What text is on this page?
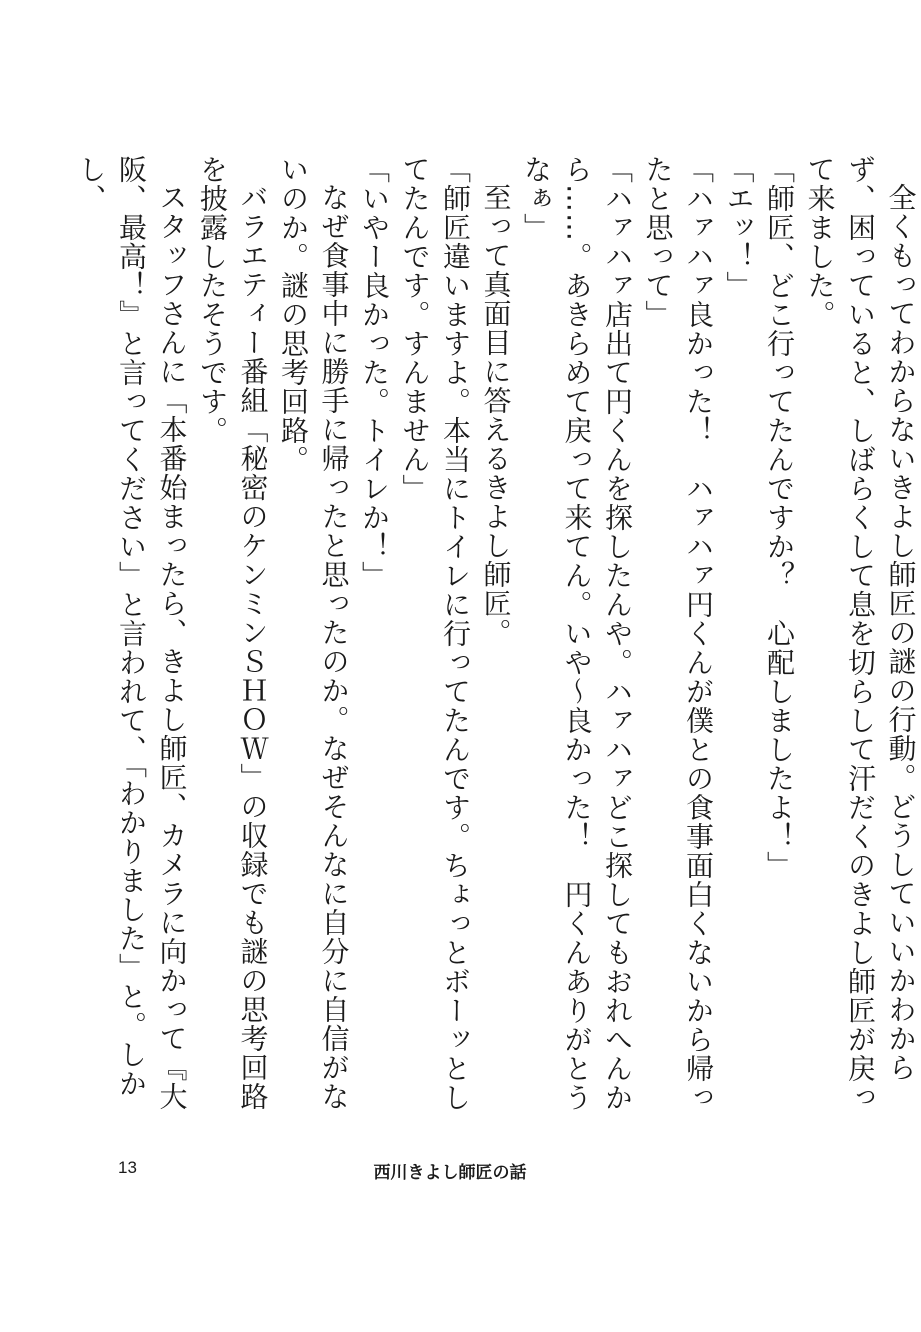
全くもってわからないきよし師匠の謎の行動。どうしていいかわからず、困っていると、しばらくして息を切らして汗だくのきよし師匠が戻って来ました。

「師匠、どこ行ってたんですか？　心配しましたよ！」

「エッ！」

「ハァハァ良かった！　ハァハァ円くんが僕との食事面白くないから帰ったと思って」

「ハァハァ店出て円くんを探したんや。ハァハァどこ探してもおれへんから……。あきらめて戻って来てん。いや～良かった！　円くんありがとうなぁ」

至って真面目に答えるきよし師匠。

「師匠違いますよ。本当にトイレに行ってたんです。ちょっとボーッとしてたんです。すんません」

「いやー良かった。トイレか！」

なぜ食事中に勝手に帰ったと思ったのか。なぜそんなに自分に自信がないのか。謎の思考回路。

バラエティー番組「秘密のケンミンＳＨＯＷ」の収録でも謎の思考回路を披露したそうです。

スタッフさんに「本番始まったら、きよし師匠、カメラに向かって『大阪、最高！』と言ってください」と言われて、「わかりました」と。しかし、

西川きよし師匠の話
13
